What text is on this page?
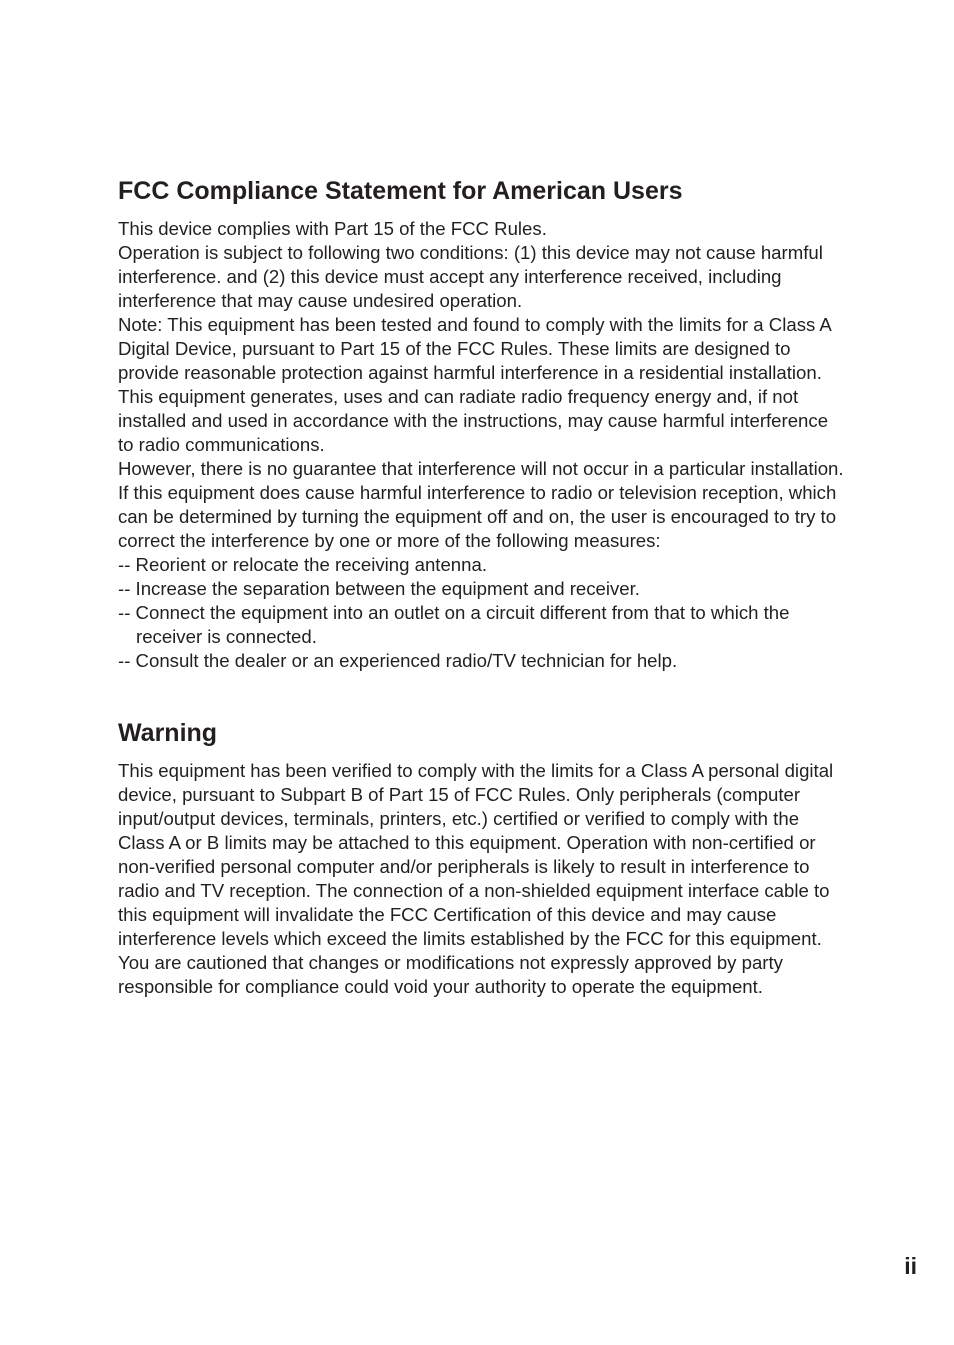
FCC Compliance Statement for American Users

This device complies with Part 15 of the FCC Rules.
Operation is subject to following two conditions: (1) this device may not cause harmful
interference. and (2) this device must accept any interference received, including
interference that may cause undesired operation.
Note: This equipment has been tested and found to comply with the limits for a Class A
Digital Device, pursuant to Part 15 of the FCC Rules. These limits are designed to
provide reasonable protection against harmful interference in a residential installation.
This equipment generates, uses and can radiate radio frequency energy and, if not
installed and used in accordance with the instructions, may cause harmful interference
to radio communications.
However, there is no guarantee that interference will not occur in a particular installation.
If this equipment does cause harmful interference to radio or television reception, which
can be determined by turning the equipment off and on, the user is encouraged to try to
correct the interference by one or more of the following measures:
-- Reorient or relocate the receiving antenna.
-- Increase the separation between the equipment and receiver.
-- Connect the equipment into an outlet on a circuit different from that to which the
receiver is connected.
-- Consult the dealer or an experienced radio/TV technician for help.

Warning

This equipment has been verified to comply with the limits for a Class A personal digital
device, pursuant to Subpart B of Part 15 of FCC Rules. Only peripherals (computer
input/output devices, terminals, printers, etc.) certified or verified to comply with the
Class A or B limits may be attached to this equipment. Operation with non-certified or
non-verified personal computer and/or peripherals is likely to result in interference to
radio and TV reception. The connection of a non-shielded equipment interface cable to
this equipment will invalidate the FCC Certification of this device and may cause
interference levels which exceed the limits established by the FCC for this equipment.
You are cautioned that changes or modifications not expressly approved by party
responsible for compliance could void your authority to operate the equipment.

ii
